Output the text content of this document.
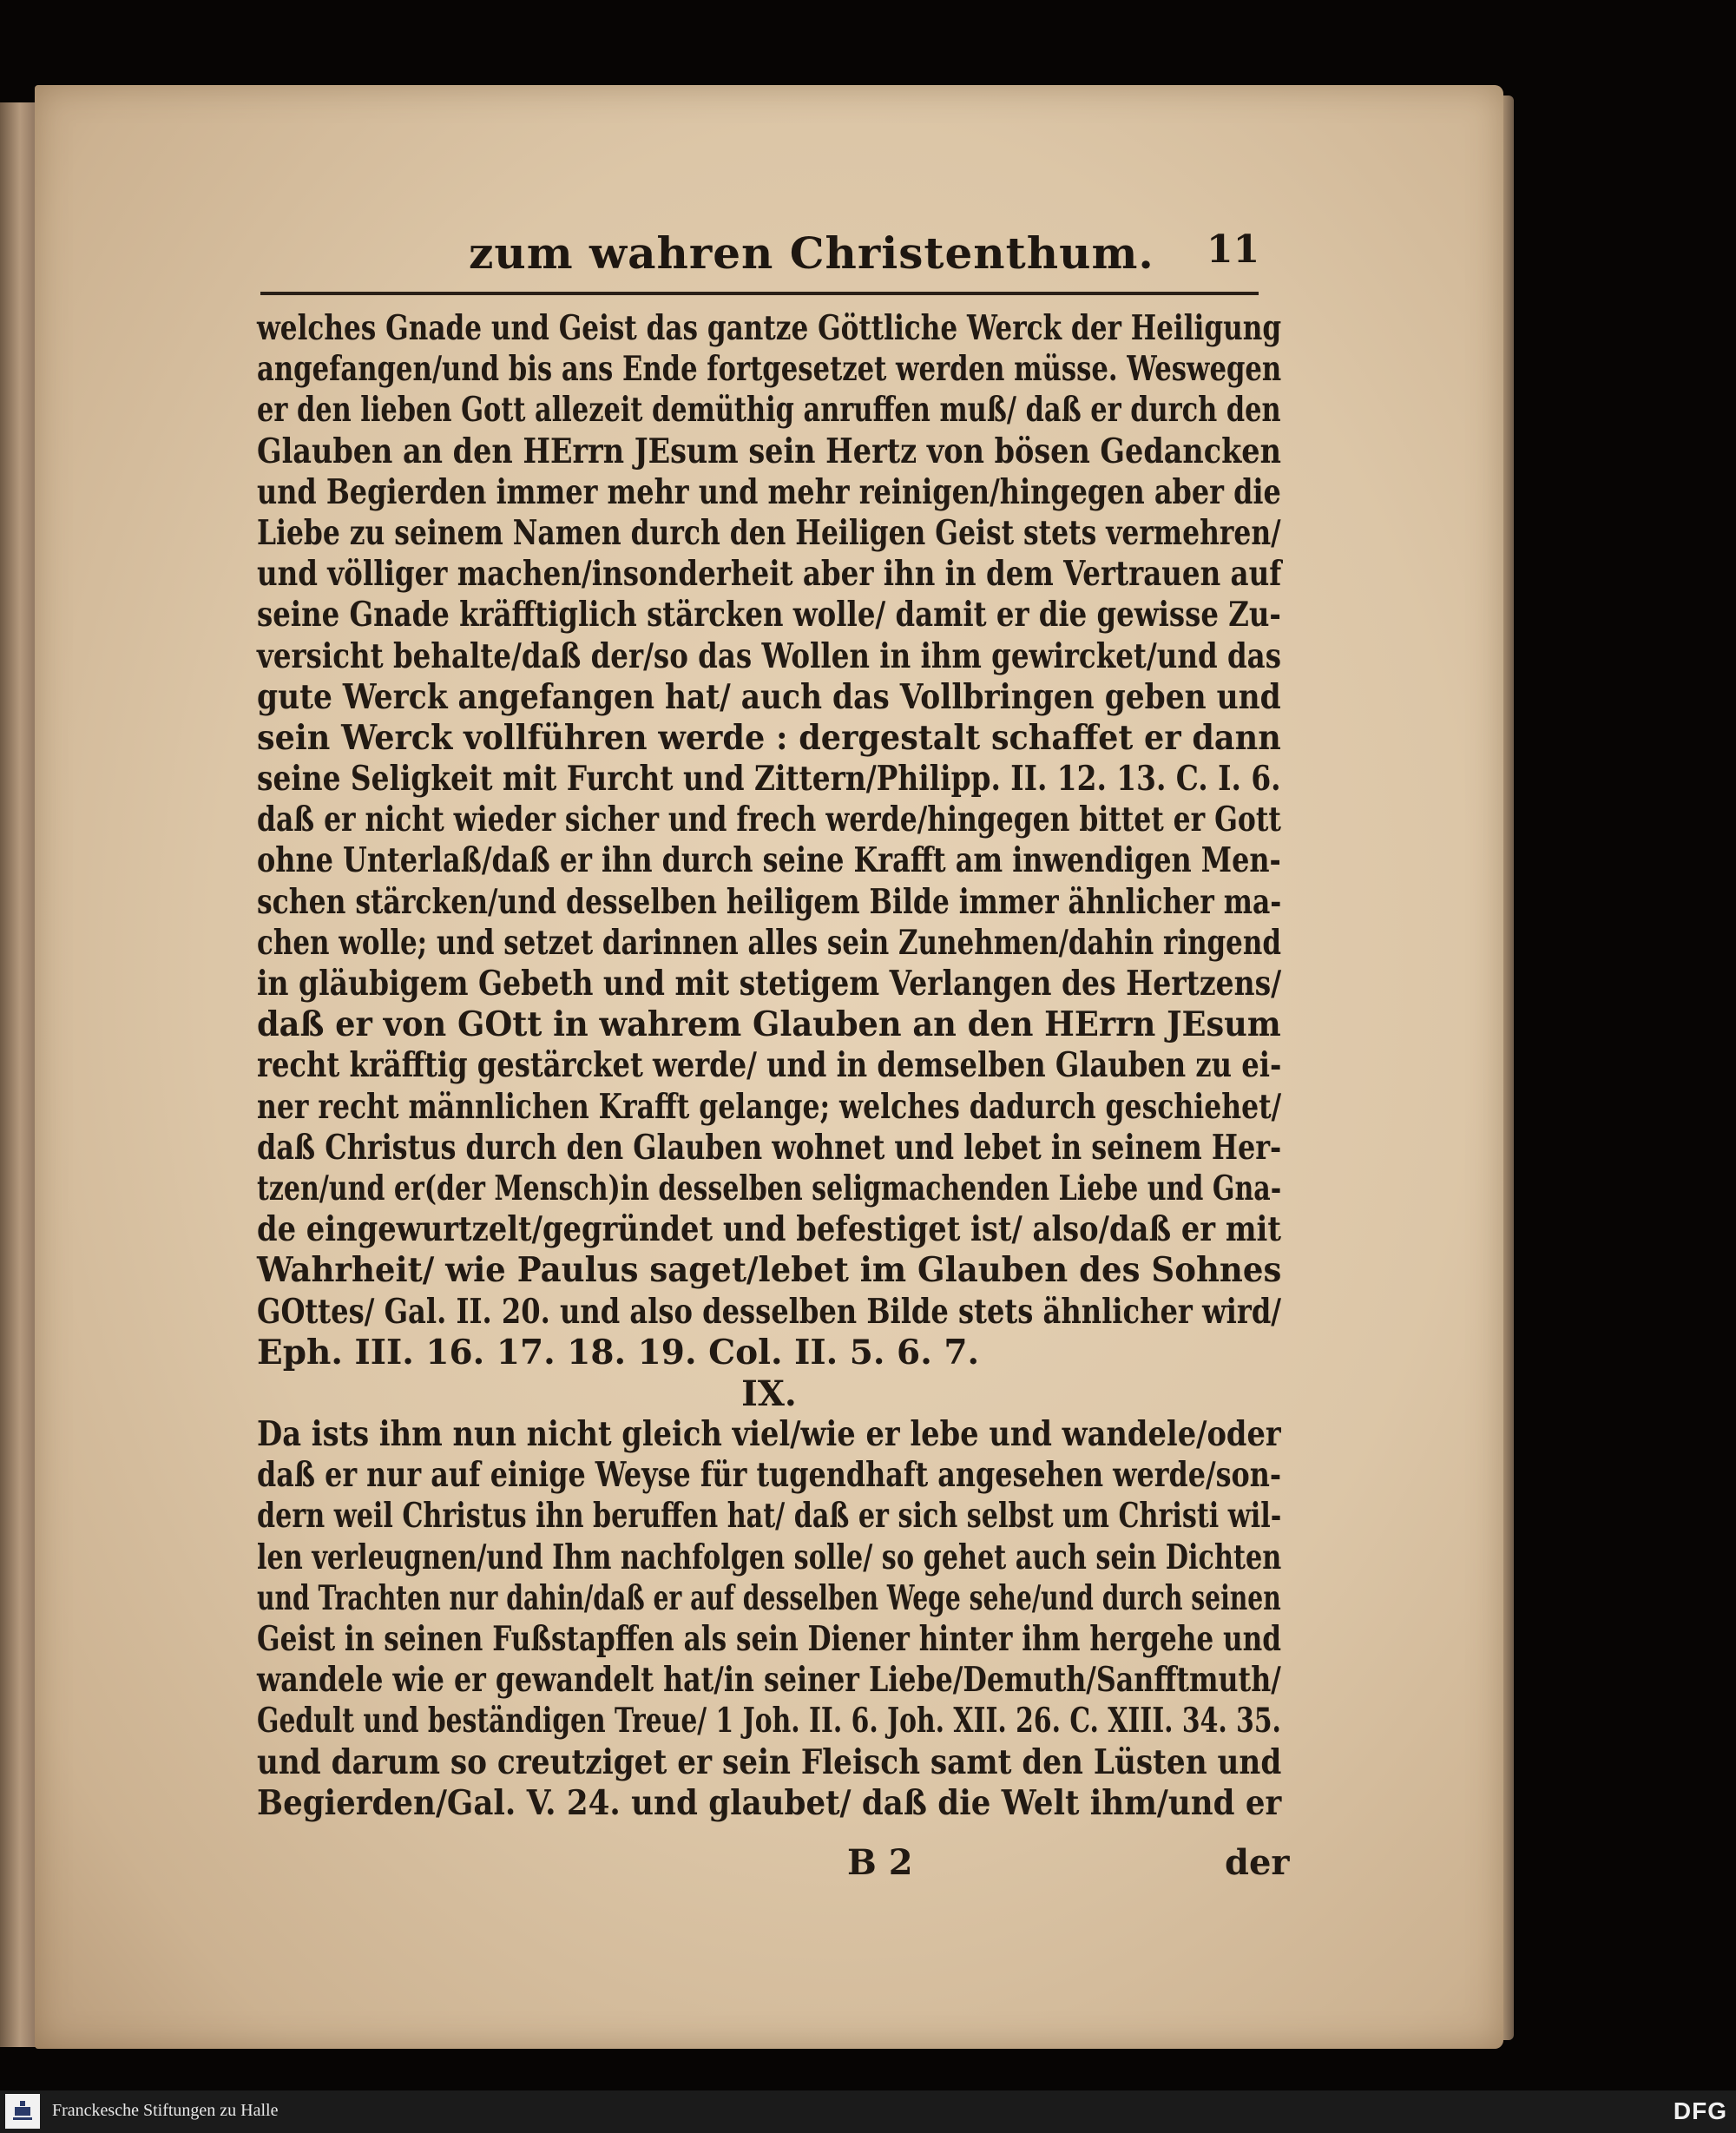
zum wahren Christenthum. 11
welches Gnade und Geist das gantze Göttliche Werck der Heiligung
angefangen/und bis ans Ende fortgesetzet werden müsse. Weswegen
er den lieben Gott allezeit demüthig anruffen muß/ daß er durch den
Glauben an den HErrn JEsum sein Hertz von bösen Gedancken
und Begierden immer mehr und mehr reinigen/hingegen aber die
Liebe zu seinem Namen durch den Heiligen Geist stets vermehren/
und völliger machen/insonderheit aber ihn in dem Vertrauen auf
seine Gnade kräfftiglich stärcken wolle/ damit er die gewisse Zu-
versicht behalte/daß der/so das Wollen in ihm gewircket/und das
gute Werck angefangen hat/ auch das Vollbringen geben und
sein Werck vollführen werde : dergestalt schaffet er dann
seine Seligkeit mit Furcht und Zittern/Philipp. II. 12. 13. C. I. 6.
daß er nicht wieder sicher und frech werde/hingegen bittet er Gott
ohne Unterlaß/daß er ihn durch seine Krafft am inwendigen Men-
schen stärcken/und desselben heiligem Bilde immer ähnlicher ma-
chen wolle; und setzet darinnen alles sein Zunehmen/dahin ringend
in gläubigem Gebeth und mit stetigem Verlangen des Hertzens/
daß er von GOtt in wahrem Glauben an den HErrn JEsum
recht kräfftig gestärcket werde/ und in demselben Glauben zu ei-
ner recht männlichen Krafft gelange; welches dadurch geschiehet/
daß Christus durch den Glauben wohnet und lebet in seinem Her-
tzen/und er(der Mensch)in desselben seligmachenden Liebe und Gna-
de eingewurtzelt/gegründet und befestiget ist/ also/daß er mit
Wahrheit/ wie Paulus saget/lebet im Glauben des Sohnes
GOttes/ Gal. II. 20. und also desselben Bilde stets ähnlicher wird/
Eph. III. 16. 17. 18. 19. Col. II. 5. 6. 7.
IX.
Da ists ihm nun nicht gleich viel/wie er lebe und wandele/oder
daß er nur auf einige Weyse für tugendhaft angesehen werde/son-
dern weil Christus ihn beruffen hat/ daß er sich selbst um Christi wil-
len verleugnen/und Ihm nachfolgen solle/ so gehet auch sein Dichten
und Trachten nur dahin/daß er auf desselben Wege sehe/und durch seinen
Geist in seinen Fußstapffen als sein Diener hinter ihm hergehe und
wandele wie er gewandelt hat/in seiner Liebe/Demuth/Sanfftmuth/
Gedult und beständigen Treue/ 1 Joh. II. 6. Joh. XII. 26. C. XIII. 34. 35.
und darum so creutziget er sein Fleisch samt den Lüsten und
Begierden/Gal. V. 24. und glaubet/ daß die Welt ihm/und er
B 2	der
Franckesche Stiftungen zu Halle	DFG
